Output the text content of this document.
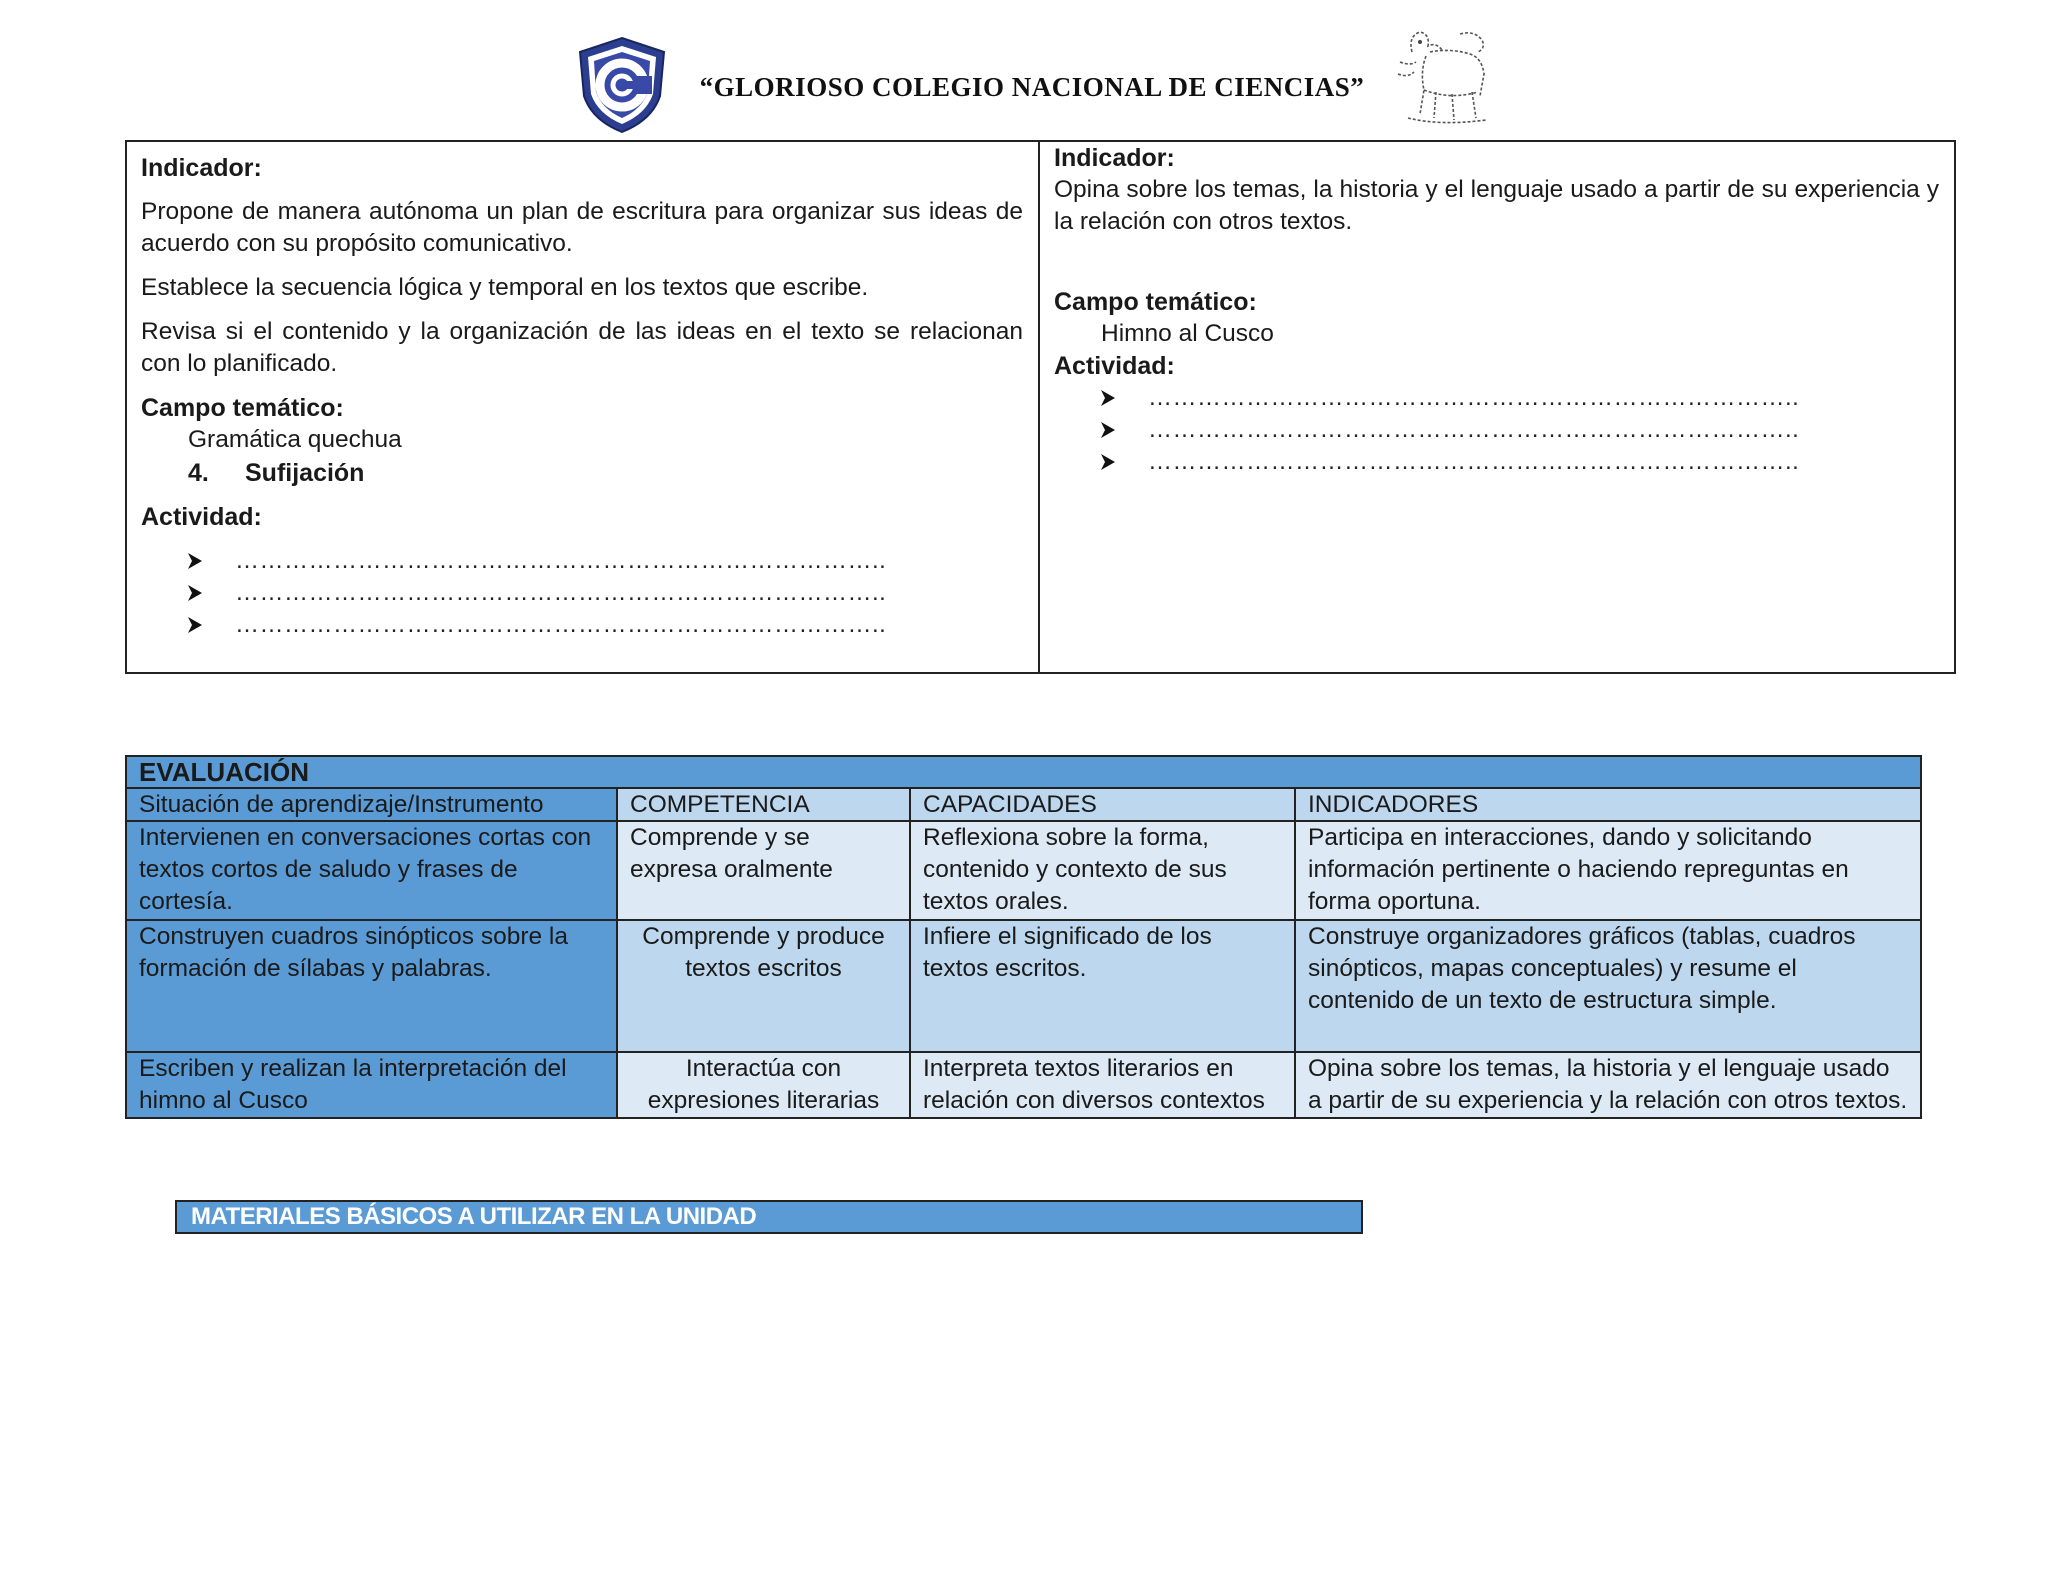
“GLORIOSO COLEGIO NACIONAL DE CIENCIAS”
Indicador:

Propone de manera autónoma un plan de escritura para organizar sus ideas de acuerdo con su propósito comunicativo.

Establece la secuencia lógica y temporal en los textos que escribe.

Revisa si el contenido y la organización de las ideas en el texto se relacionan con lo planificado.

Campo temático:
Gramática quechua
4.	Sufijación
Actividad:
……………………………………………………………………..
……………………………………………………………………..
……………………………………………………………………..
Indicador:

Opina sobre los temas, la historia y el lenguaje usado a partir de su experiencia y la relación con otros textos.

Campo temático:
Himno al Cusco
Actividad:
……………………………………………………………………..
……………………………………………………………………..
……………………………………………………………………..
EVALUACIÓN			
Situación de aprendizaje/Instrumento	COMPETENCIA	CAPACIDADES	INDICADORES
Intervienen en conversaciones cortas con textos cortos de saludo y frases de cortesía.	Comprende y se expresa oralmente	Reflexiona sobre la forma, contenido y contexto de sus textos orales.	Participa en interacciones, dando y solicitando información pertinente o haciendo repreguntas en forma oportuna.
Construyen cuadros sinópticos sobre la formación de sílabas y palabras.	Comprende y produce textos escritos	Infiere el significado de los textos escritos.	Construye organizadores gráficos (tablas, cuadros sinópticos, mapas conceptuales) y resume el contenido de un texto de estructura simple.
Escriben y realizan la interpretación del himno al Cusco	Interactúa con expresiones literarias	Interpreta textos literarios en relación con diversos contextos	Opina sobre los temas, la historia y el lenguaje usado a partir de su experiencia y la relación con otros textos.
MATERIALES BÁSICOS A UTILIZAR EN LA UNIDAD
